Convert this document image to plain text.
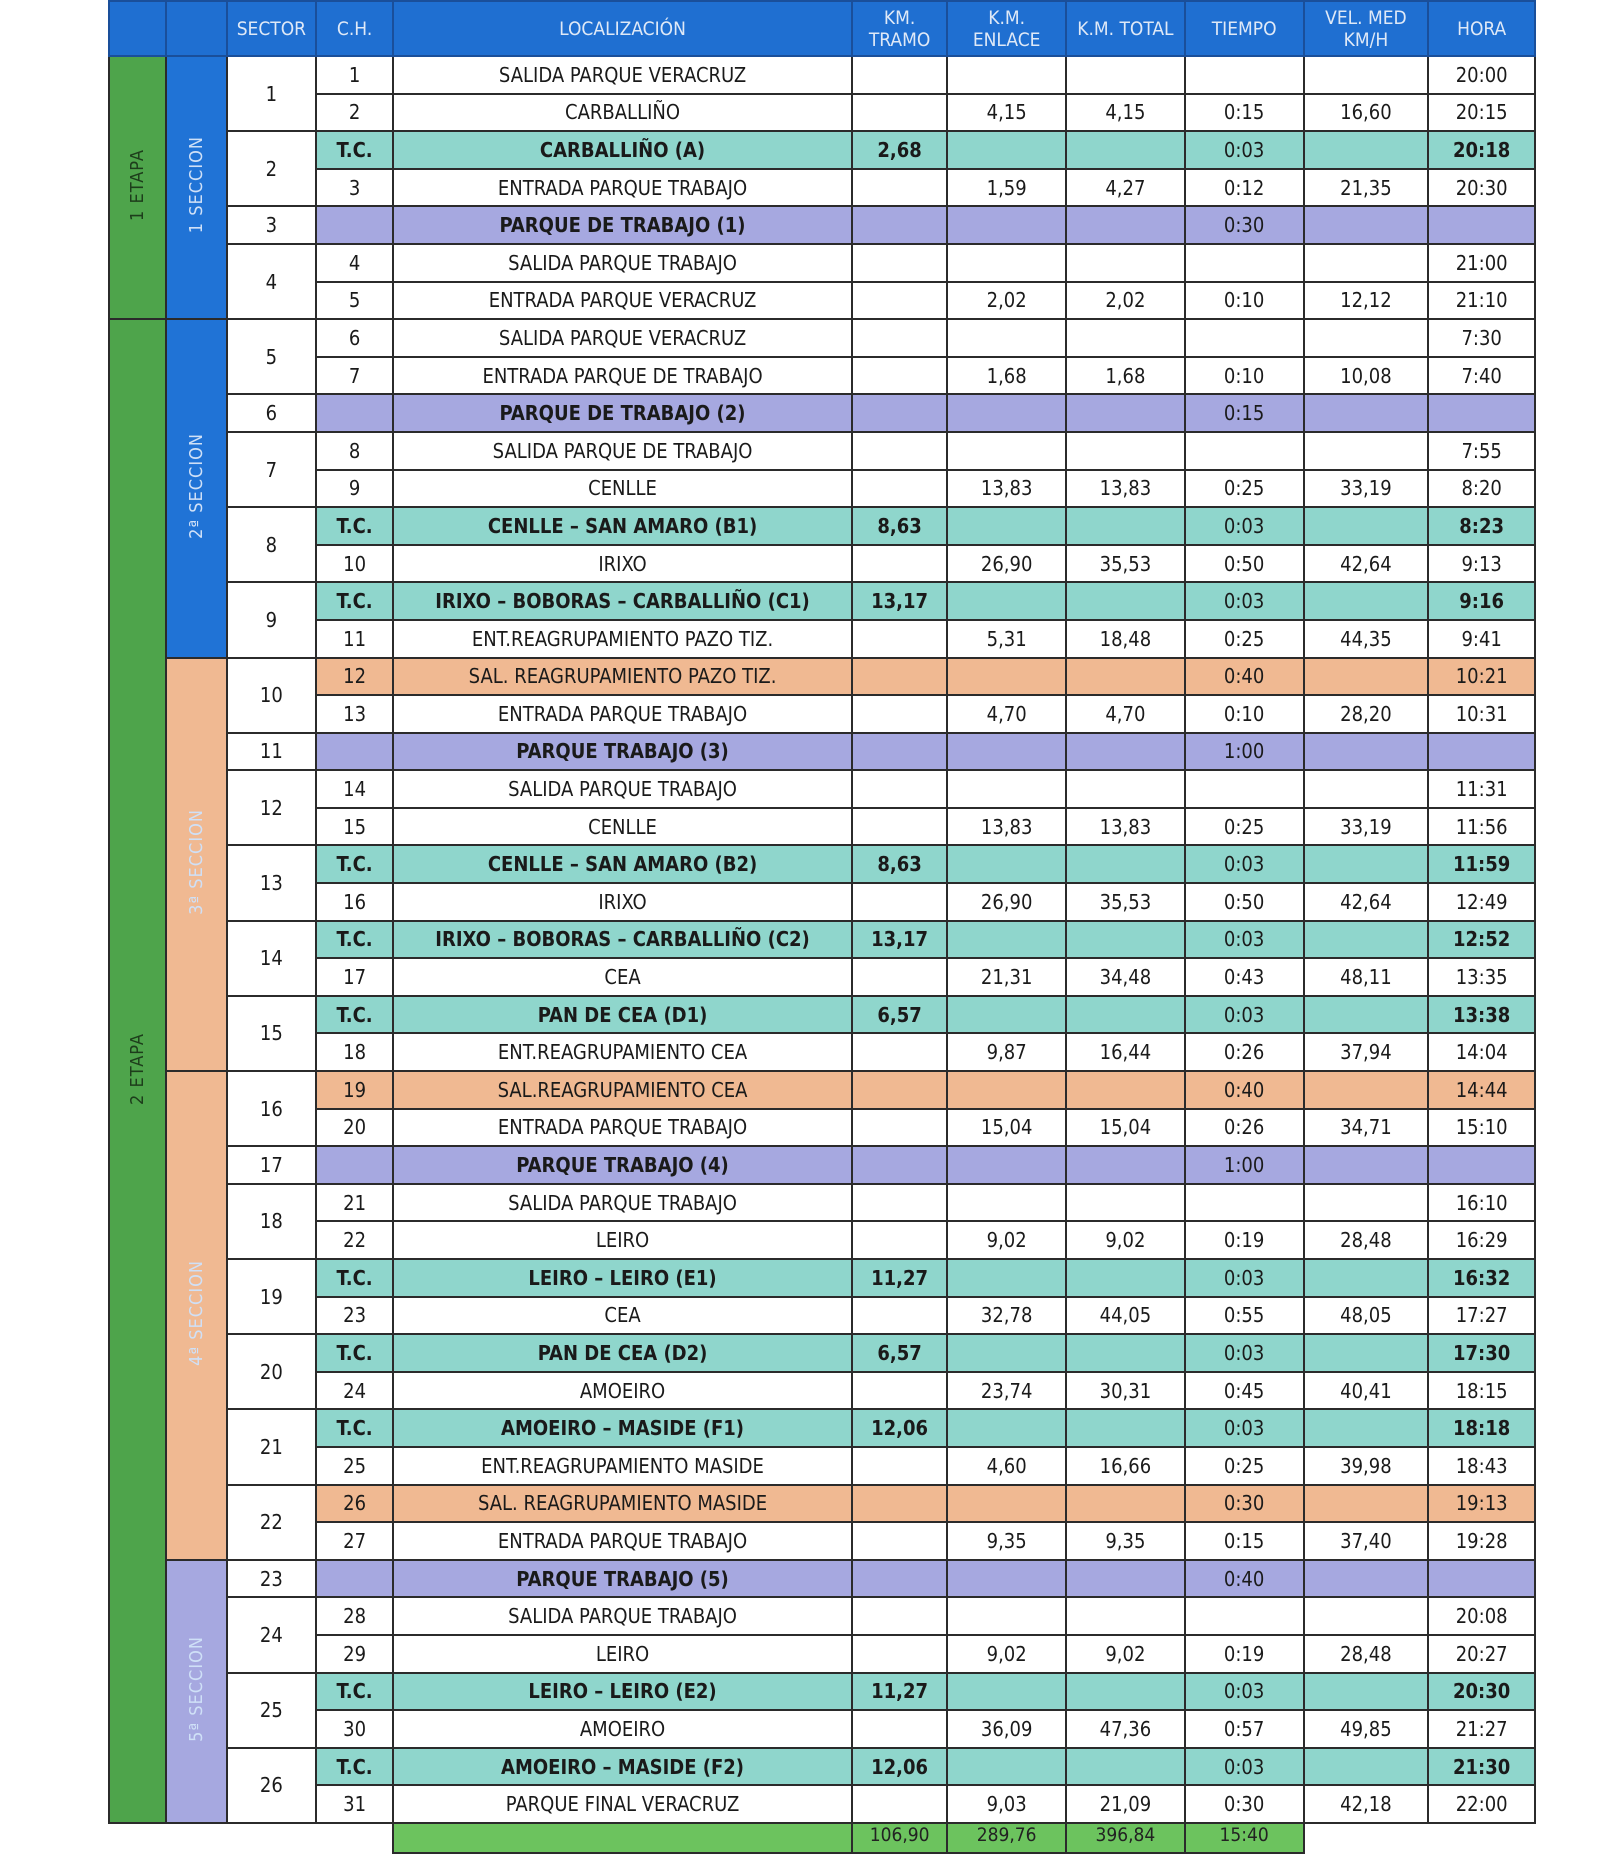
		SECTOR	C.H.	LOCALIZACIÓN	KM. TRAMO	K.M. ENLACE	K.M. TOTAL	TIEMPO	VEL. MED KM/H	HORA
1 ETAPA	1 SECCION	1	1	SALIDA PARQUE VERACRUZ						20:00
			2	CARBALLIÑO		4,15	4,15	0:15	16,60	20:15
		2	T.C.	CARBALLIÑO (A)	2,68			0:03		20:18
			3	ENTRADA PARQUE TRABAJO		1,59	4,27	0:12	21,35	20:30
		3		PARQUE DE TRABAJO (1)				0:30		
		4	4	SALIDA PARQUE TRABAJO						21:00
			5	ENTRADA PARQUE VERACRUZ		2,02	2,02	0:10	12,12	21:10
2 ETAPA	2ª SECCION	5	6	SALIDA PARQUE VERACRUZ						7:30
			7	ENTRADA PARQUE DE TRABAJO		1,68	1,68	0:10	10,08	7:40
		6		PARQUE DE TRABAJO (2)				0:15		
		7	8	SALIDA PARQUE DE TRABAJO						7:55
			9	CENLLE		13,83	13,83	0:25	33,19	8:20
		8	T.C.	CENLLE – SAN AMARO (B1)	8,63			0:03		8:23
			10	IRIXO		26,90	35,53	0:50	42,64	9:13
		9	T.C.	IRIXO – BOBORAS – CARBALLIÑO (C1)	13,17			0:03		9:16
			11	ENT.REAGRUPAMIENTO PAZO TIZ.		5,31	18,48	0:25	44,35	9:41
	3ª SECCION	10	12	SAL. REAGRUPAMIENTO PAZO TIZ.				0:40		10:21
			13	ENTRADA PARQUE TRABAJO		4,70	4,70	0:10	28,20	10:31
		11		PARQUE TRABAJO (3)				1:00		
		12	14	SALIDA PARQUE TRABAJO						11:31
			15	CENLLE		13,83	13,83	0:25	33,19	11:56
		13	T.C.	CENLLE – SAN AMARO (B2)	8,63			0:03		11:59
			16	IRIXO		26,90	35,53	0:50	42,64	12:49
		14	T.C.	IRIXO – BOBORAS – CARBALLIÑO (C2)	13,17			0:03		12:52
			17	CEA		21,31	34,48	0:43	48,11	13:35
		15	T.C.	PAN DE CEA (D1)	6,57			0:03		13:38
			18	ENT.REAGRUPAMIENTO CEA		9,87	16,44	0:26	37,94	14:04
	4ª SECCION	16	19	SAL.REAGRUPAMIENTO CEA				0:40		14:44
			20	ENTRADA PARQUE TRABAJO		15,04	15,04	0:26	34,71	15:10
		17		PARQUE TRABAJO (4)				1:00		
		18	21	SALIDA PARQUE TRABAJO						16:10
			22	LEIRO		9,02	9,02	0:19	28,48	16:29
		19	T.C.	LEIRO – LEIRO (E1)	11,27			0:03		16:32
			23	CEA		32,78	44,05	0:55	48,05	17:27
		20	T.C.	PAN DE CEA (D2)	6,57			0:03		17:30
			24	AMOEIRO		23,74	30,31	0:45	40,41	18:15
		21	T.C.	AMOEIRO – MASIDE (F1)	12,06			0:03		18:18
			25	ENT.REAGRUPAMIENTO MASIDE		4,60	16,66	0:25	39,98	18:43
		22	26	SAL. REAGRUPAMIENTO MASIDE				0:30		19:13
			27	ENTRADA PARQUE TRABAJO		9,35	9,35	0:15	37,40	19:28
	5ª SECCION	23		PARQUE TRABAJO (5)				0:40		
		24	28	SALIDA PARQUE TRABAJO						20:08
			29	LEIRO		9,02	9,02	0:19	28,48	20:27
		25	T.C.	LEIRO – LEIRO (E2)	11,27			0:03		20:30
			30	AMOEIRO		36,09	47,36	0:57	49,85	21:27
		26	T.C.	AMOEIRO – MASIDE (F2)	12,06			0:03		21:30
			31	PARQUE FINAL VERACRUZ		9,03	21,09	0:30	42,18	22:00
					106,90	289,76	396,84	15:40		
